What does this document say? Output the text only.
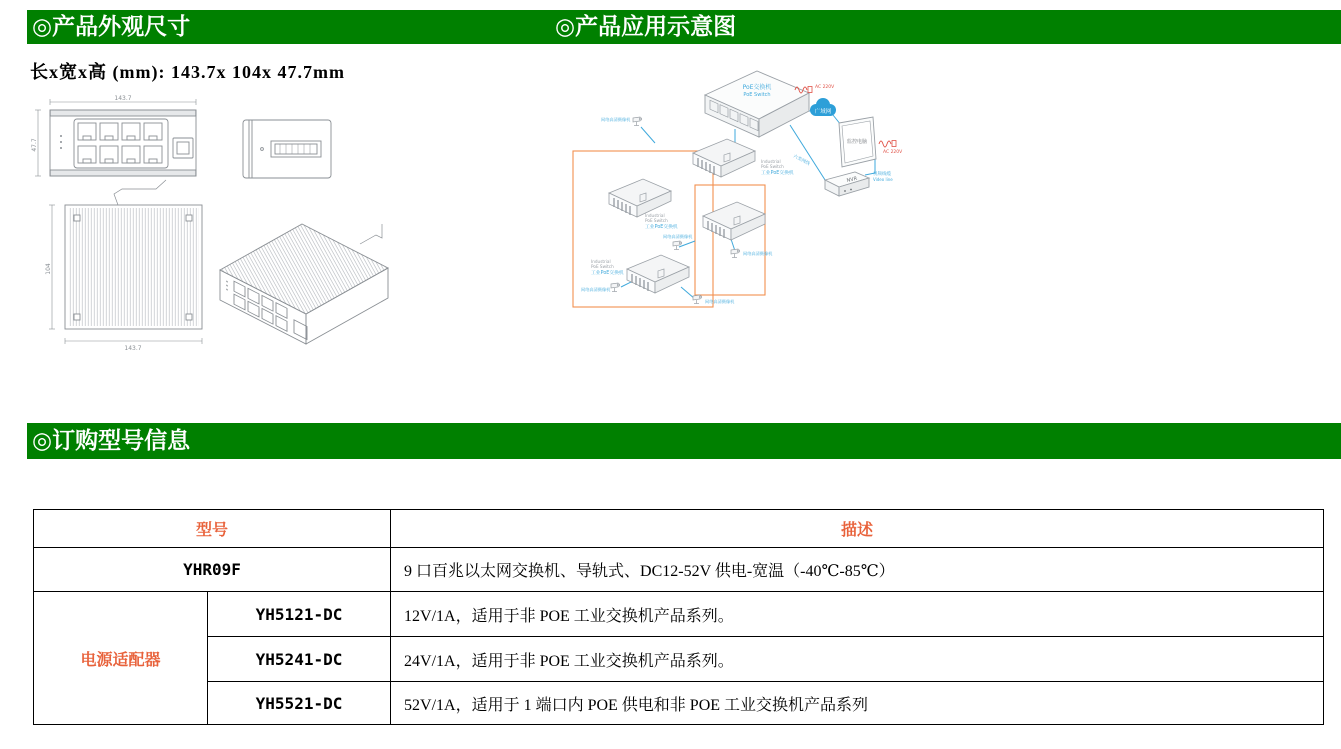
◎产品外观尺寸	◎产品应用示意图
长x宽x高 (mm): 143.7x 104x 47.7mm
143.7
47.7
104
143.7
PoE交换机
PoE Switch
AC 220V
广域网
监控电脑
AC 220V
NVR
视频线缆
Video line
六类网线
Industrial
PoE Switch
工业PoE交换机
Industrial
PoE Switch
工业PoE交换机
Industrial
PoE Switch
工业PoE交换机
网络高清摄像机
网络高清摄像机
网络高清摄像机
网络高清摄像机
网络高清摄像机
◎订购型号信息
型号		描述
YHR09F		9 口百兆以太网交换机、导轨式、DC12-52V 供电-宽温（-40℃-85℃）
电源适配器	YH5121-DC	12V/1A，适用于非 POE 工业交换机产品系列。
	YH5241-DC	24V/1A，适用于非 POE 工业交换机产品系列。
	YH5521-DC	52V/1A，适用于 1 端口内 POE 供电和非 POE 工业交换机产品系列
